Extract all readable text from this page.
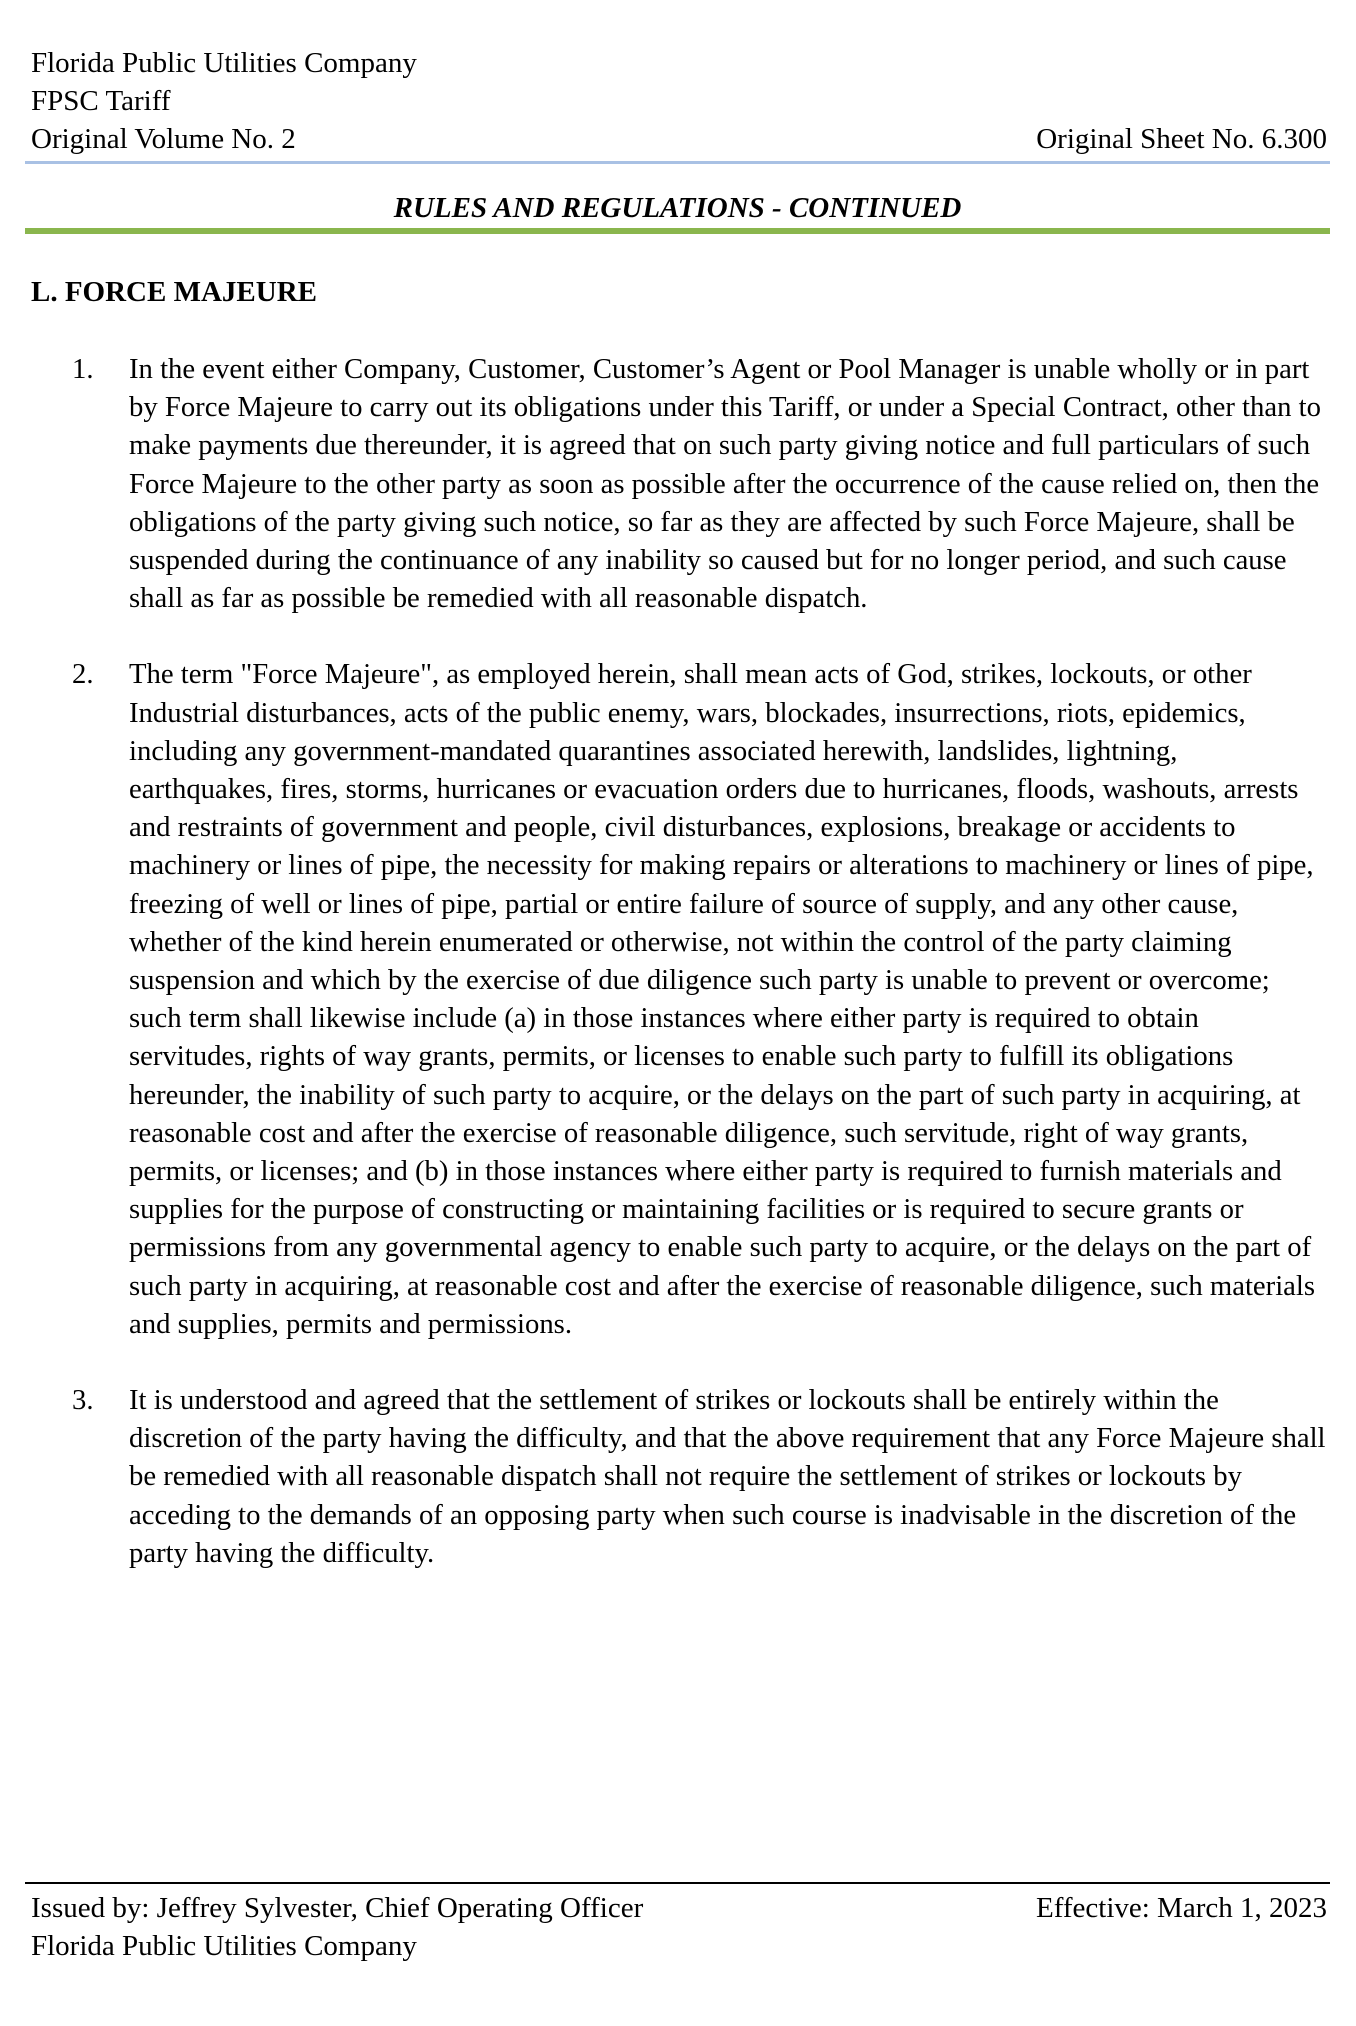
Florida Public Utilities Company
FPSC Tariff
Original Volume No. 2	Original Sheet No. 6.300
RULES AND REGULATIONS - CONTINUED
L. FORCE MAJEURE
1.	In the event either Company, Customer, Customer’s Agent or Pool Manager is unable wholly or in part by Force Majeure to carry out its obligations under this Tariff, or under a Special Contract, other than to make payments due thereunder, it is agreed that on such party giving notice and full particulars of such Force Majeure to the other party as soon as possible after the occurrence of the cause relied on, then the obligations of the party giving such notice, so far as they are affected by such Force Majeure, shall be suspended during the continuance of any inability so caused but for no longer period, and such cause shall as far as possible be remedied with all reasonable dispatch.
2.	The term "Force Majeure", as employed herein, shall mean acts of God, strikes, lockouts, or other Industrial disturbances, acts of the public enemy, wars, blockades, insurrections, riots, epidemics, including any government-mandated quarantines associated herewith, landslides, lightning, earthquakes, fires, storms, hurricanes or evacuation orders due to hurricanes, floods, washouts, arrests and restraints of government and people, civil disturbances, explosions, breakage or accidents to machinery or lines of pipe, the necessity for making repairs or alterations to machinery or lines of pipe, freezing of well or lines of pipe, partial or entire failure of source of supply, and any other cause, whether of the kind herein enumerated or otherwise, not within the control of the party claiming suspension and which by the exercise of due diligence such party is unable to prevent or overcome; such term shall likewise include (a) in those instances where either party is required to obtain servitudes, rights of way grants, permits, or licenses to enable such party to fulfill its obligations hereunder, the inability of such party to acquire, or the delays on the part of such party in acquiring, at reasonable cost and after the exercise of reasonable diligence, such servitude, right of way grants, permits, or licenses; and (b) in those instances where either party is required to furnish materials and supplies for the purpose of constructing or maintaining facilities or is required to secure grants or permissions from any governmental agency to enable such party to acquire, or the delays on the part of such party in acquiring, at reasonable cost and after the exercise of reasonable diligence, such materials and supplies, permits and permissions.
3.	It is understood and agreed that the settlement of strikes or lockouts shall be entirely within the discretion of the party having the difficulty, and that the above requirement that any Force Majeure shall be remedied with all reasonable dispatch shall not require the settlement of strikes or lockouts by acceding to the demands of an opposing party when such course is inadvisable in the discretion of the party having the difficulty.
Issued by: Jeffrey Sylvester, Chief Operating Officer	Effective: March 1, 2023
Florida Public Utilities Company
